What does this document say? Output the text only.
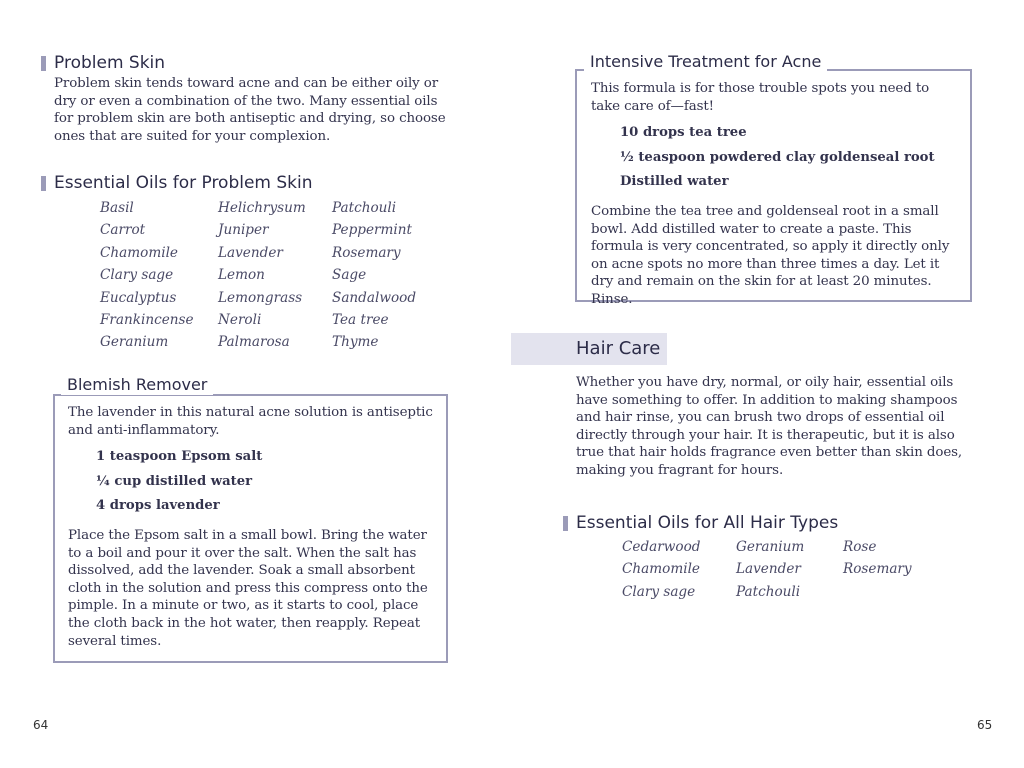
Problem Skin

Problem skin tends toward acne and can be either oily or dry or even a combination of the two. Many essential oils for problem skin are both antiseptic and drying, so choose ones that are suited for your complexion.

Essential Oils for Problem Skin
Basil	Helichrysum	Patchouli
Carrot	Juniper	Peppermint
Chamomile	Lavender	Rosemary
Clary sage	Lemon	Sage
Eucalyptus	Lemongrass	Sandalwood
Frankincense	Neroli	Tea tree
Geranium	Palmarosa	Thyme
Blemish Remover

The lavender in this natural acne solution is antiseptic and anti-inflammatory.

1 teaspoon Epsom salt
¼ cup distilled water
4 drops lavender

Place the Epsom salt in a small bowl. Bring the water to a boil and pour it over the salt. When the salt has dissolved, add the lavender. Soak a small absorbent cloth in the solution and press this compress onto the pimple. In a minute or two, as it starts to cool, place the cloth back in the hot water, then reapply. Repeat several times.

64
Intensive Treatment for Acne

This formula is for those trouble spots you need to take care of—fast!

10 drops tea tree
½ teaspoon powdered clay goldenseal root
Distilled water

Combine the tea tree and goldenseal root in a small bowl. Add distilled water to create a paste. This formula is very concentrated, so apply it directly only on acne spots no more than three times a day. Let it dry and remain on the skin for at least 20 minutes. Rinse.

Hair Care

Whether you have dry, normal, or oily hair, essential oils have something to offer. In addition to making shampoos and hair rinse, you can brush two drops of essential oil directly through your hair. It is therapeutic, but it is also true that hair holds fragrance even better than skin does, making you fragrant for hours.

Essential Oils for All Hair Types
Cedarwood	Geranium	Rose
Chamomile	Lavender	Rosemary
Clary sage	Patchouli
65
